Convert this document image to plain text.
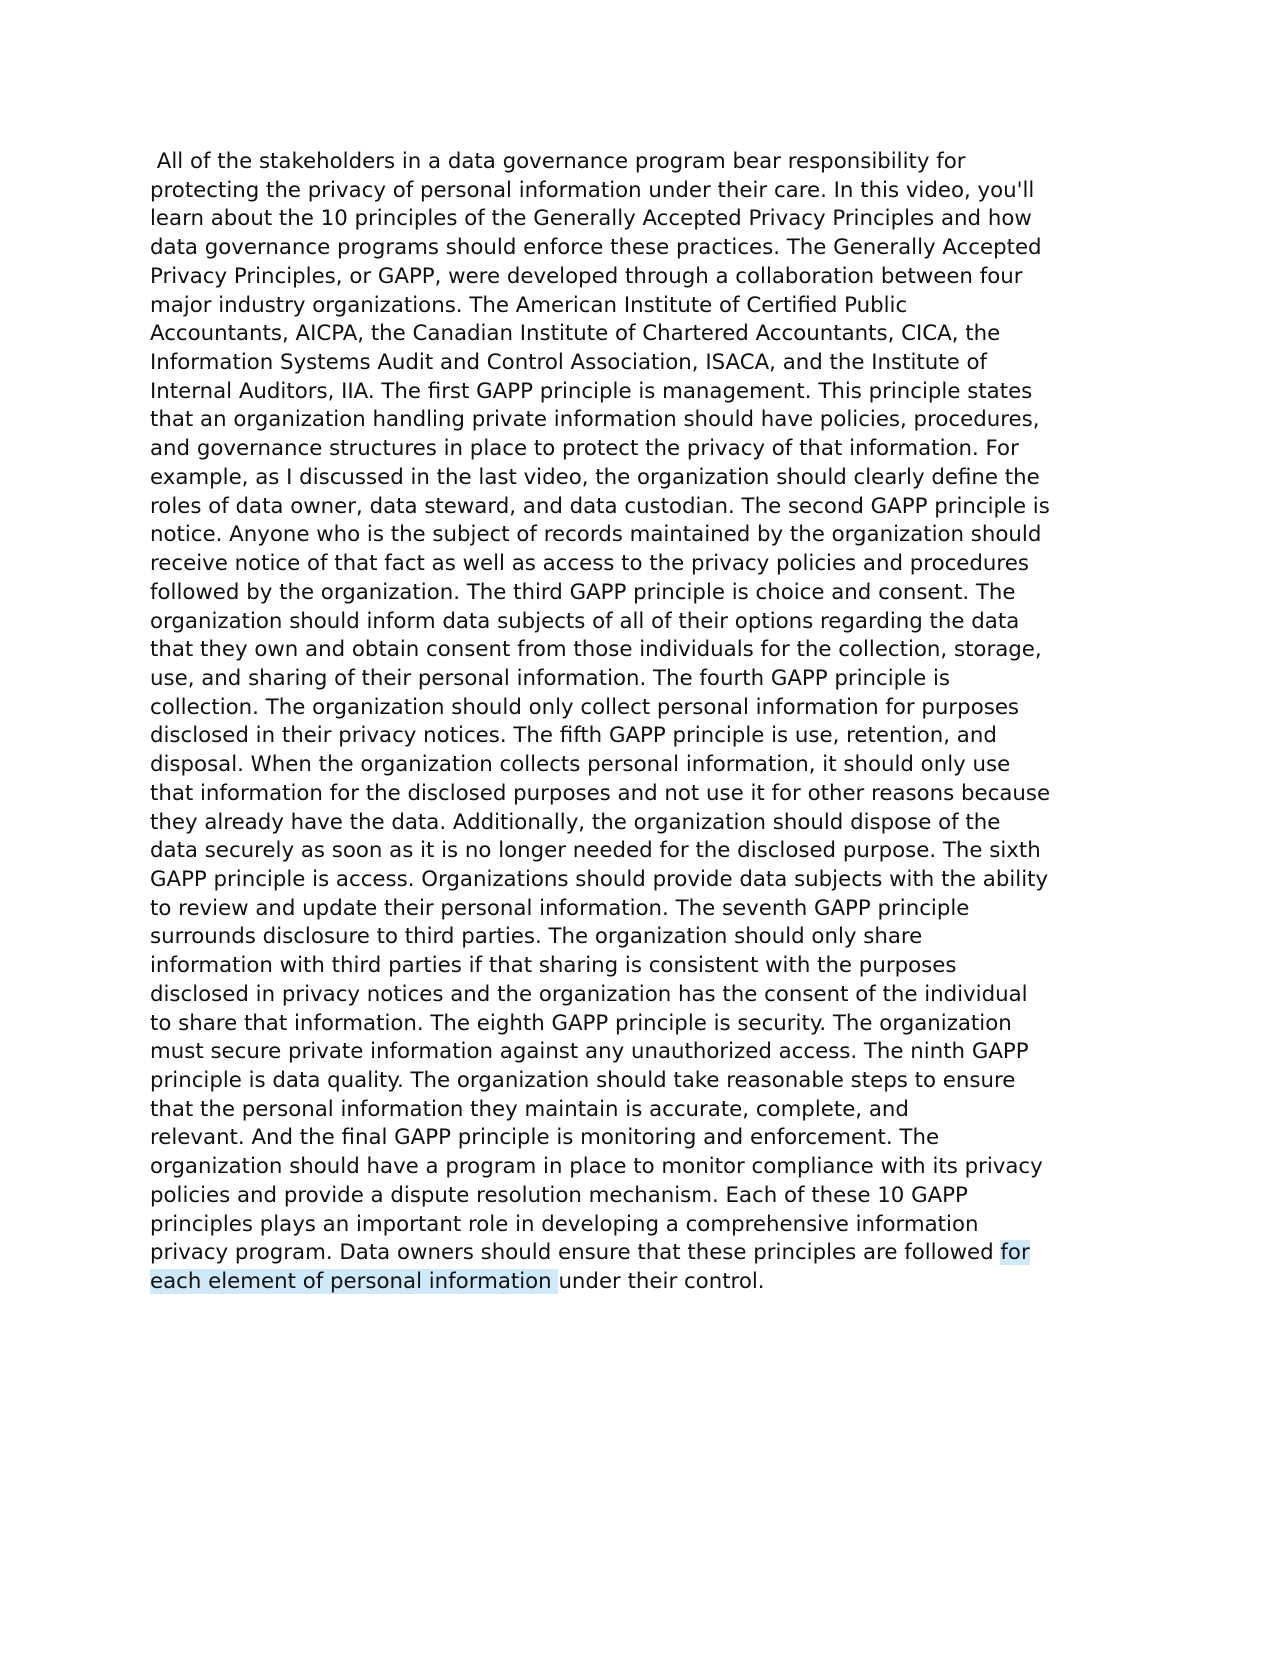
All of the stakeholders in a data governance program bear responsibility for
protecting the privacy of personal information under their care. In this video, you'll
learn about the 10 principles of the Generally Accepted Privacy Principles and how
data governance programs should enforce these practices. The Generally Accepted
Privacy Principles, or GAPP, were developed through a collaboration between four
major industry organizations. The American Institute of Certified Public
Accountants, AICPA, the Canadian Institute of Chartered Accountants, CICA, the
Information Systems Audit and Control Association, ISACA, and the Institute of
Internal Auditors, IIA. The first GAPP principle is management. This principle states
that an organization handling private information should have policies, procedures,
and governance structures in place to protect the privacy of that information. For
example, as I discussed in the last video, the organization should clearly define the
roles of data owner, data steward, and data custodian. The second GAPP principle is
notice. Anyone who is the subject of records maintained by the organization should
receive notice of that fact as well as access to the privacy policies and procedures
followed by the organization. The third GAPP principle is choice and consent. The
organization should inform data subjects of all of their options regarding the data
that they own and obtain consent from those individuals for the collection, storage,
use, and sharing of their personal information. The fourth GAPP principle is
collection. The organization should only collect personal information for purposes
disclosed in their privacy notices. The fifth GAPP principle is use, retention, and
disposal. When the organization collects personal information, it should only use
that information for the disclosed purposes and not use it for other reasons because
they already have the data. Additionally, the organization should dispose of the
data securely as soon as it is no longer needed for the disclosed purpose. The sixth
GAPP principle is access. Organizations should provide data subjects with the ability
to review and update their personal information. The seventh GAPP principle
surrounds disclosure to third parties. The organization should only share
information with third parties if that sharing is consistent with the purposes
disclosed in privacy notices and the organization has the consent of the individual
to share that information. The eighth GAPP principle is security. The organization
must secure private information against any unauthorized access. The ninth GAPP
principle is data quality. The organization should take reasonable steps to ensure
that the personal information they maintain is accurate, complete, and
relevant. And the final GAPP principle is monitoring and enforcement. The
organization should have a program in place to monitor compliance with its privacy
policies and provide a dispute resolution mechanism. Each of these 10 GAPP
principles plays an important role in developing a comprehensive information
privacy program. Data owners should ensure that these principles are followed for
each element of personal information under their control.
